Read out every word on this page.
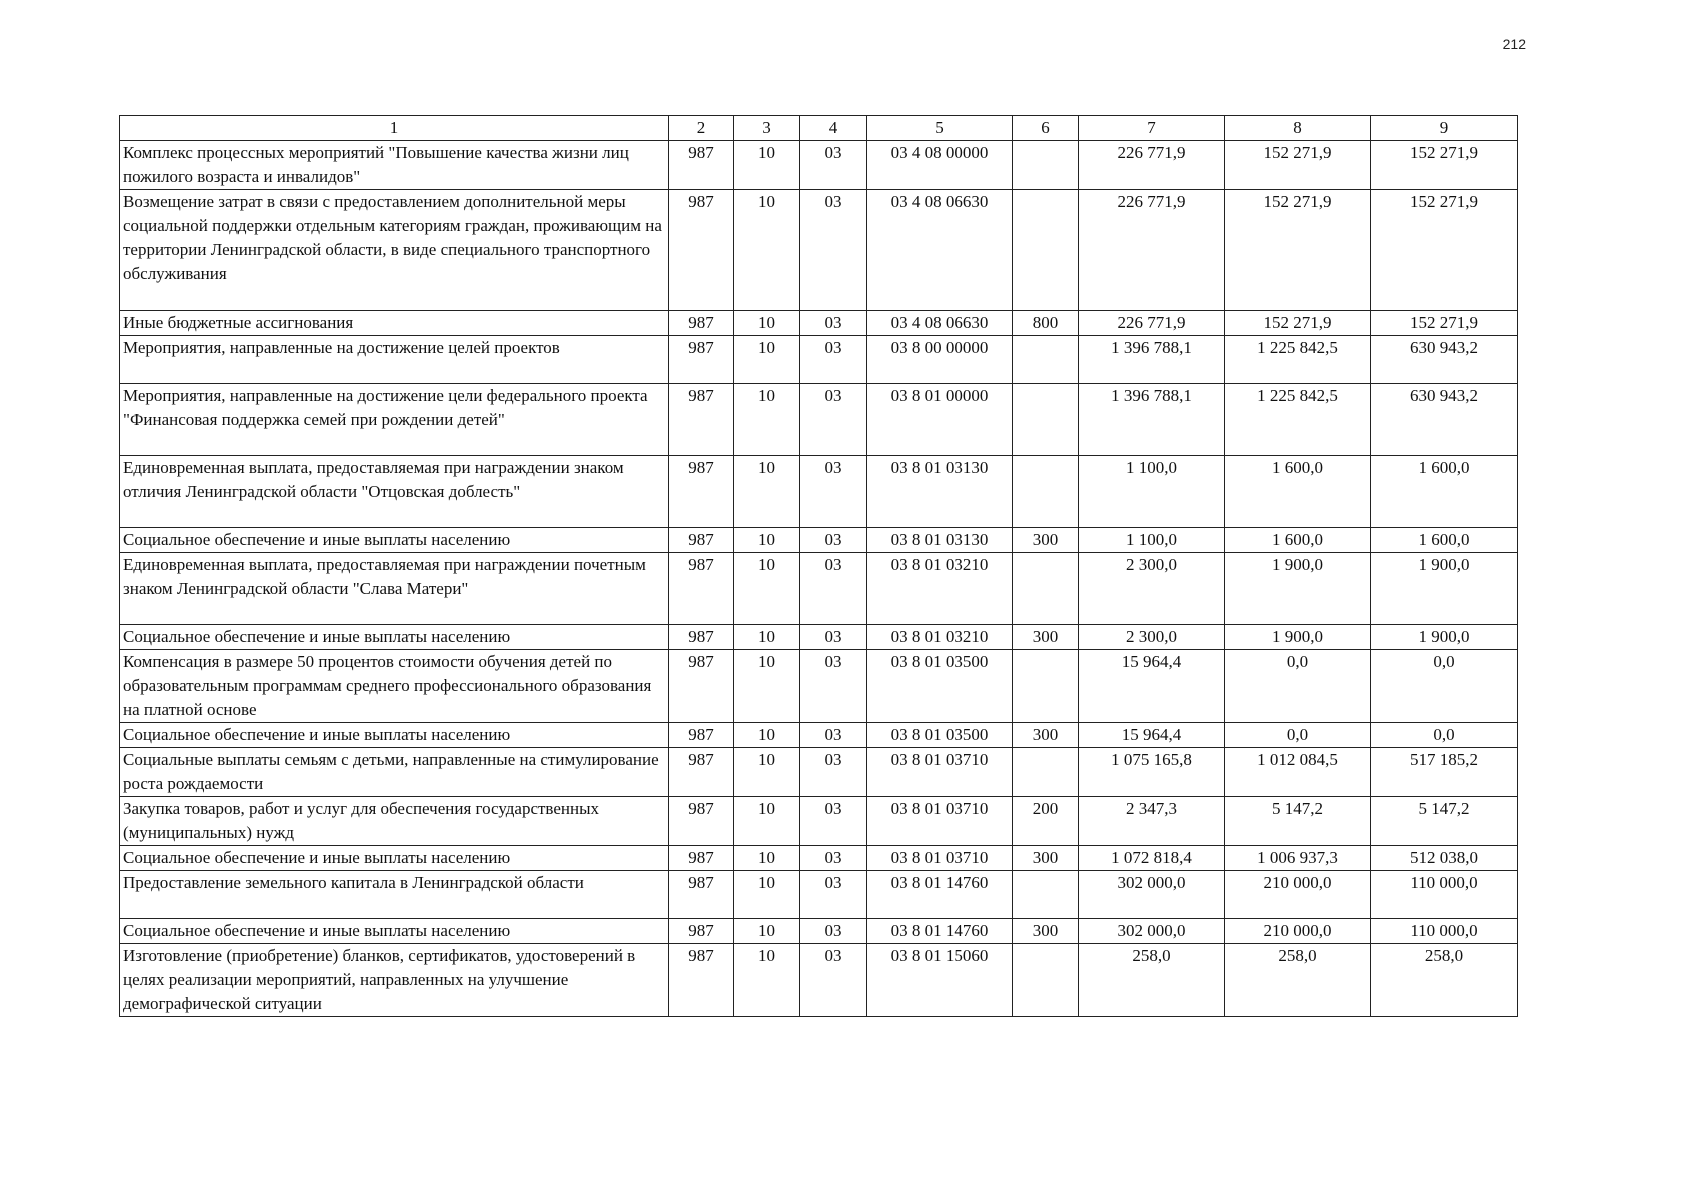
212
1	2	3	4	5	6	7	8	9
Комплекс процессных мероприятий "Повышение качества жизни лиц пожилого возраста и инвалидов"	987	10	03	03 4 08 00000		226 771,9	152 271,9	152 271,9
Возмещение затрат в связи с предоставлением дополнительной меры социальной поддержки отдельным категориям граждан, проживающим на территории Ленинградской области, в виде специального транспортного обслуживания	987	10	03	03 4 08 06630		226 771,9	152 271,9	152 271,9
Иные бюджетные ассигнования	987	10	03	03 4 08 06630	800	226 771,9	152 271,9	152 271,9
Мероприятия, направленные на достижение целей проектов	987	10	03	03 8 00 00000		1 396 788,1	1 225 842,5	630 943,2
Мероприятия, направленные на достижение цели федерального проекта "Финансовая поддержка семей при рождении детей"	987	10	03	03 8 01 00000		1 396 788,1	1 225 842,5	630 943,2
Единовременная выплата, предоставляемая при награждении знаком отличия Ленинградской области "Отцовская доблесть"	987	10	03	03 8 01 03130		1 100,0	1 600,0	1 600,0
Социальное обеспечение и иные выплаты населению	987	10	03	03 8 01 03130	300	1 100,0	1 600,0	1 600,0
Единовременная выплата, предоставляемая при награждении почетным знаком Ленинградской области "Слава Матери"	987	10	03	03 8 01 03210		2 300,0	1 900,0	1 900,0
Социальное обеспечение и иные выплаты населению	987	10	03	03 8 01 03210	300	2 300,0	1 900,0	1 900,0
Компенсация в размере 50 процентов стоимости обучения детей по образовательным программам среднего профессионального образования на платной основе	987	10	03	03 8 01 03500		15 964,4	0,0	0,0
Социальное обеспечение и иные выплаты населению	987	10	03	03 8 01 03500	300	15 964,4	0,0	0,0
Социальные выплаты семьям с детьми, направленные на стимулирование роста рождаемости	987	10	03	03 8 01 03710		1 075 165,8	1 012 084,5	517 185,2
Закупка товаров, работ и услуг для обеспечения государственных (муниципальных) нужд	987	10	03	03 8 01 03710	200	2 347,3	5 147,2	5 147,2
Социальное обеспечение и иные выплаты населению	987	10	03	03 8 01 03710	300	1 072 818,4	1 006 937,3	512 038,0
Предоставление земельного капитала в Ленинградской области	987	10	03	03 8 01 14760		302 000,0	210 000,0	110 000,0
Социальное обеспечение и иные выплаты населению	987	10	03	03 8 01 14760	300	302 000,0	210 000,0	110 000,0
Изготовление (приобретение) бланков, сертификатов, удостоверений в целях реализации мероприятий, направленных на улучшение демографической ситуации	987	10	03	03 8 01 15060		258,0	258,0	258,0
